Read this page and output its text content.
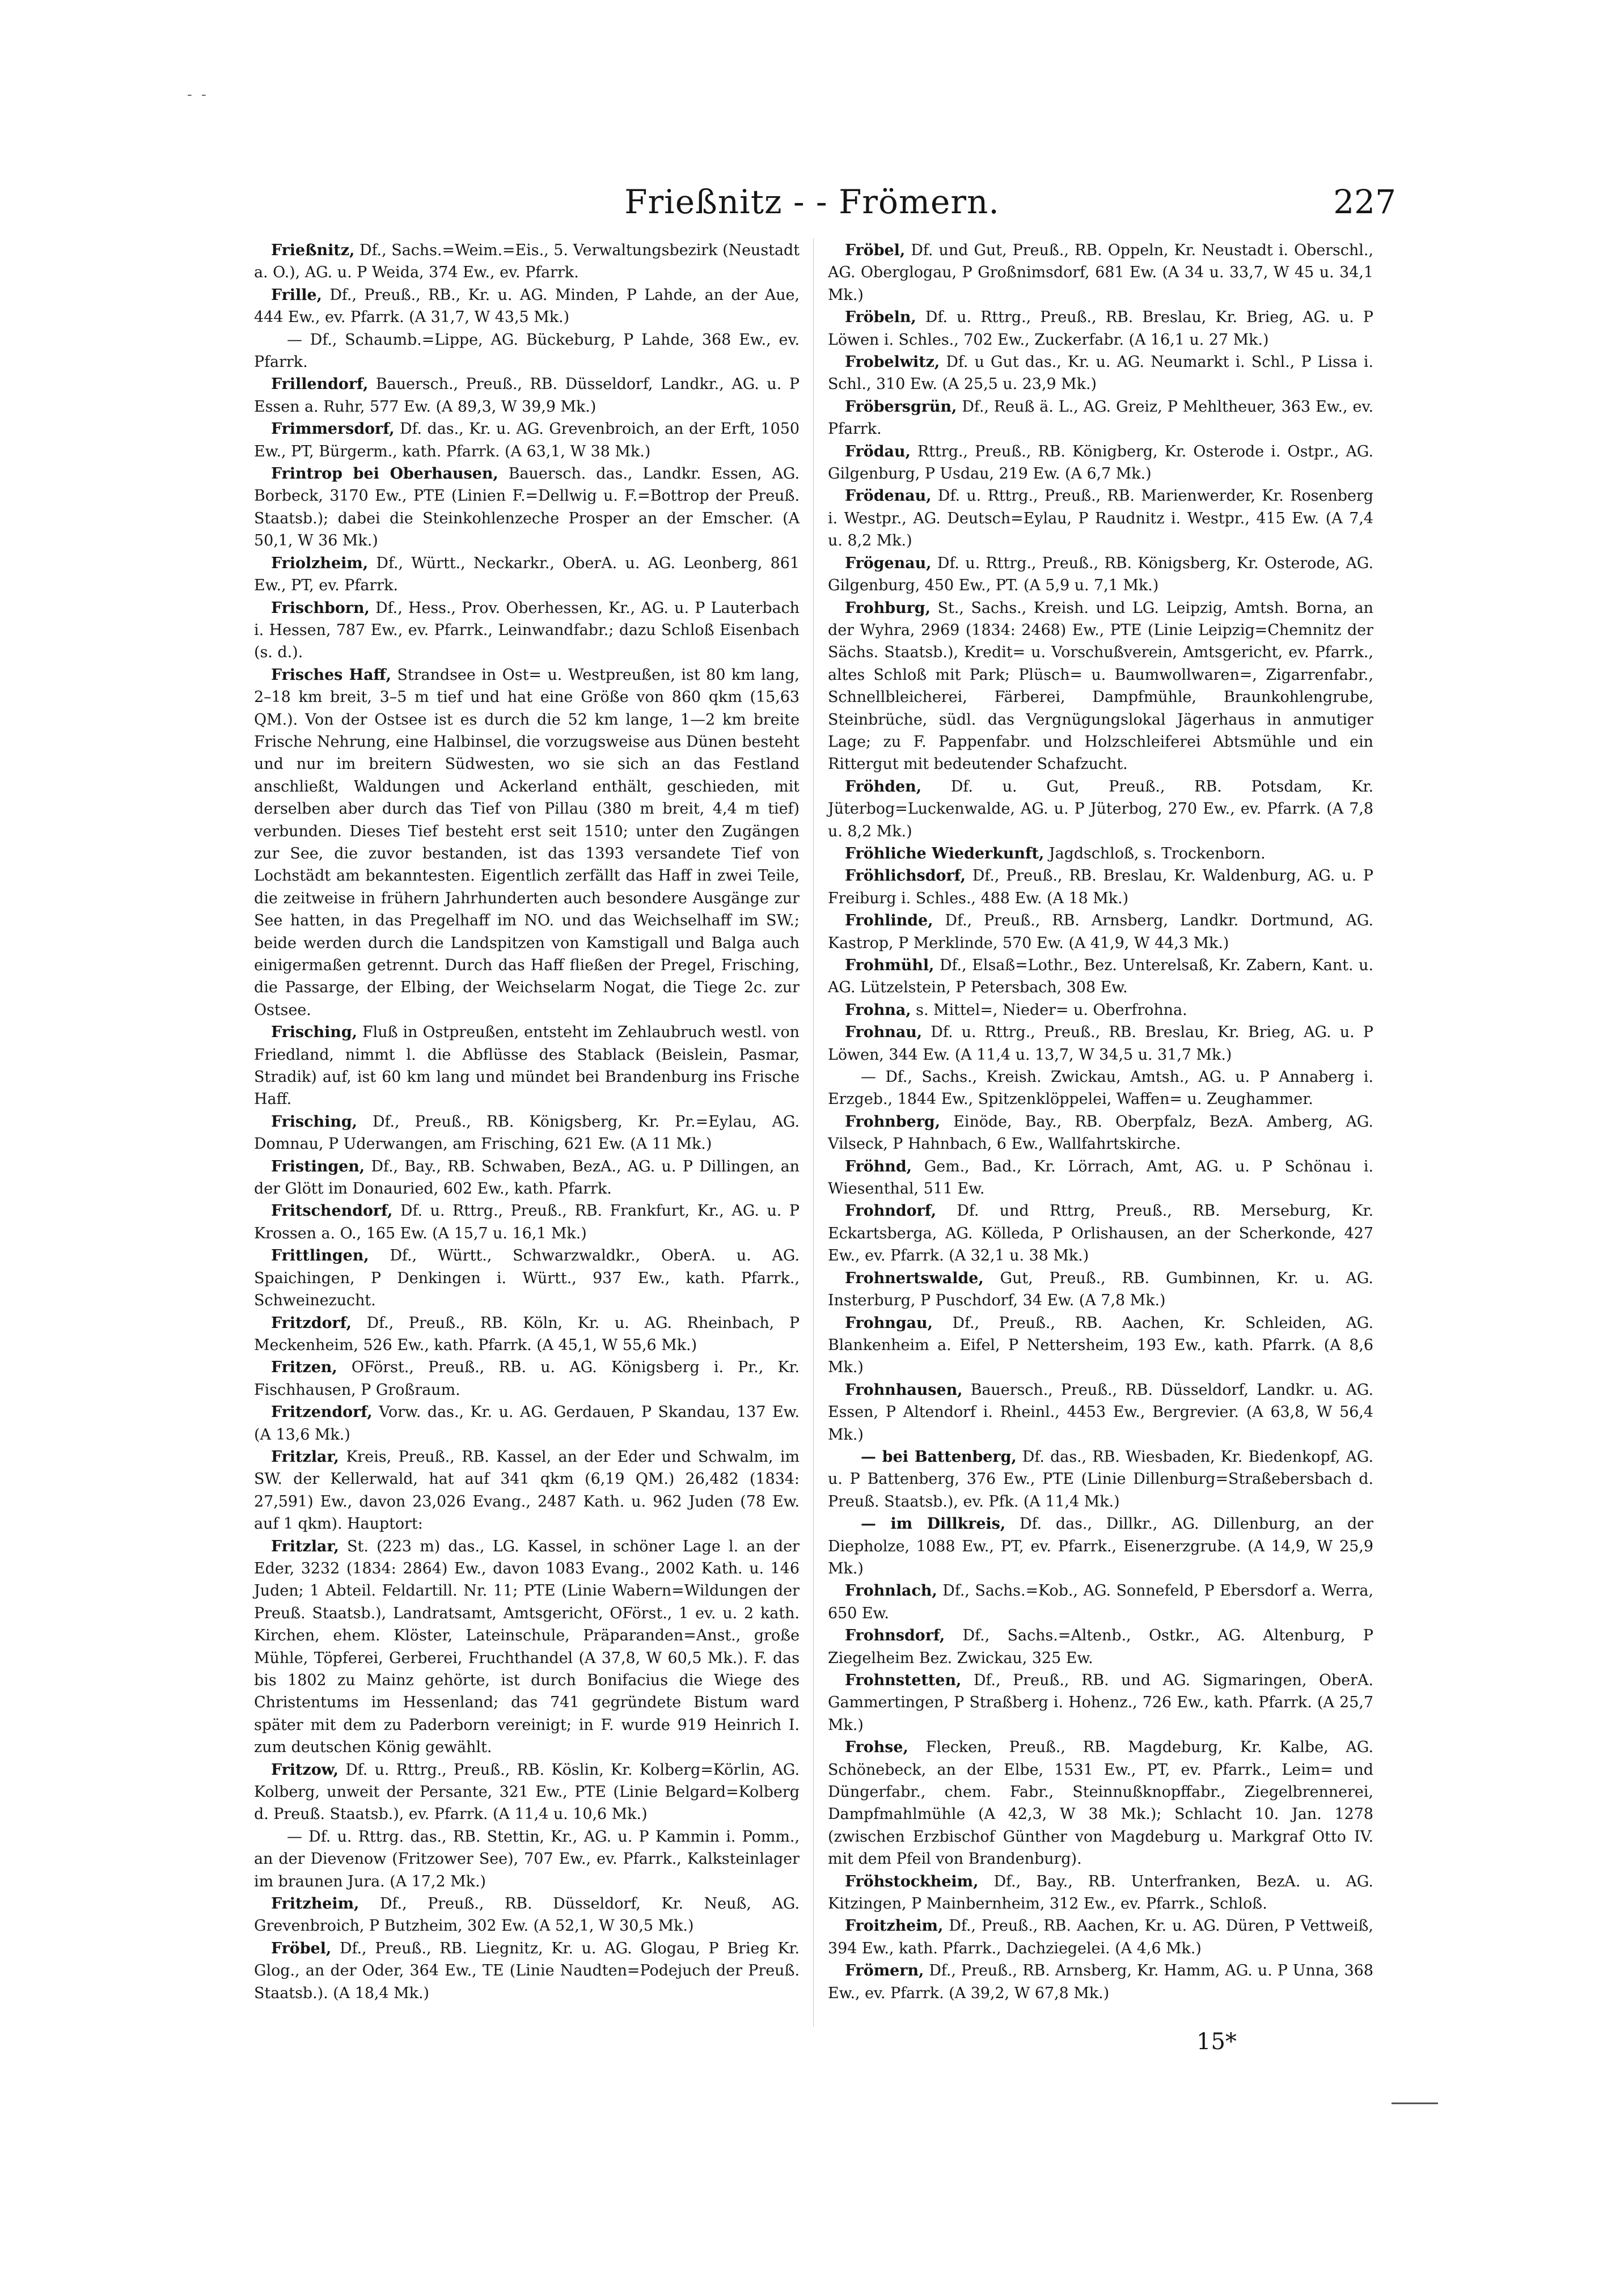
- -
Frießnitz - - Frömern.	227

Frießnitz, Df., Sachs.=Weim.=Eis., 5. Verwaltungsbezirk (Neustadt a. O.), AG. u. P Weida, 374 Ew., ev. Pfarrk.

Frille, Df., Preuß., RB., Kr. u. AG. Minden, P Lahde, an der Aue, 444 Ew., ev. Pfarrk. (A 31,7, W 43,5 Mk.)

— Df., Schaumb.=Lippe, AG. Bückeburg, P Lahde, 368 Ew., ev. Pfarrk.

Frillendorf, Bauersch., Preuß., RB. Düsseldorf, Landkr., AG. u. P Essen a. Ruhr, 577 Ew. (A 89,3, W 39,9 Mk.)

Frimmersdorf, Df. das., Kr. u. AG. Grevenbroich, an der Erft, 1050 Ew., PT, Bürgerm., kath. Pfarrk. (A 63,1, W 38 Mk.)

Frintrop bei Oberhausen, Bauersch. das., Landkr. Essen, AG. Borbeck, 3170 Ew., PTE (Linien F.=Dellwig u. F.=Bottrop der Preuß. Staatsb.); dabei die Steinkohlenzeche Prosper an der Emscher. (A 50,1, W 36 Mk.)

Friolzheim, Df., Württ., Neckarkr., OberA. u. AG. Leonberg, 861 Ew., PT, ev. Pfarrk.

Frischborn, Df., Hess., Prov. Oberhessen, Kr., AG. u. P Lauterbach i. Hessen, 787 Ew., ev. Pfarrk., Leinwandfabr.; dazu Schloß Eisenbach (s. d.).

Frisches Haff, Strandsee in Ost= u. Westpreußen, ist 80 km lang, 2–18 km breit, 3–5 m tief und hat eine Größe von 860 qkm (15,63 QM.). Von der Ostsee ist es durch die 52 km lange, 1—2 km breite Frische Nehrung, eine Halbinsel, die vorzugsweise aus Dünen besteht und nur im breitern Südwesten, wo sie sich an das Festland anschließt, Waldungen und Ackerland enthält, geschieden, mit derselben aber durch das Tief von Pillau (380 m breit, 4,4 m tief) verbunden. Dieses Tief besteht erst seit 1510; unter den Zugängen zur See, die zuvor bestanden, ist das 1393 versandete Tief von Lochstädt am bekanntesten. Eigentlich zerfällt das Haff in zwei Teile, die zeitweise in frühern Jahrhunderten auch besondere Ausgänge zur See hatten, in das Pregelhaff im NO. und das Weichselhaff im SW.; beide werden durch die Landspitzen von Kamstigall und Balga auch einigermaßen getrennt. Durch das Haff fließen der Pregel, Frisching, die Passarge, der Elbing, der Weichselarm Nogat, die Tiege 2c. zur Ostsee.

Frisching, Fluß in Ostpreußen, entsteht im Zehlaubruch westl. von Friedland, nimmt l. die Abflüsse des Stablack (Beislein, Pasmar, Stradik) auf, ist 60 km lang und mündet bei Brandenburg ins Frische Haff.

Frisching, Df., Preuß., RB. Königsberg, Kr. Pr.=Eylau, AG. Domnau, P Uderwangen, am Frisching, 621 Ew. (A 11 Mk.)

Fristingen, Df., Bay., RB. Schwaben, BezA., AG. u. P Dillingen, an der Glött im Donauried, 602 Ew., kath. Pfarrk.

Fritschendorf, Df. u. Rttrg., Preuß., RB. Frankfurt, Kr., AG. u. P Krossen a. O., 165 Ew. (A 15,7 u. 16,1 Mk.)

Frittlingen, Df., Württ., Schwarzwaldkr., OberA. u. AG. Spaichingen, P Denkingen i. Württ., 937 Ew., kath. Pfarrk., Schweinezucht.

Fritzdorf, Df., Preuß., RB. Köln, Kr. u. AG. Rheinbach, P Meckenheim, 526 Ew., kath. Pfarrk. (A 45,1, W 55,6 Mk.)

Fritzen, OFörst., Preuß., RB. u. AG. Königsberg i. Pr., Kr. Fischhausen, P Großraum.

Fritzendorf, Vorw. das., Kr. u. AG. Gerdauen, P Skandau, 137 Ew. (A 13,6 Mk.)

Fritzlar, Kreis, Preuß., RB. Kassel, an der Eder und Schwalm, im SW. der Kellerwald, hat auf 341 qkm (6,19 QM.) 26,482 (1834: 27,591) Ew., davon 23,026 Evang., 2487 Kath. u. 962 Juden (78 Ew. auf 1 qkm). Hauptort:

Fritzlar, St. (223 m) das., LG. Kassel, in schöner Lage l. an der Eder, 3232 (1834: 2864) Ew., davon 1083 Evang., 2002 Kath. u. 146 Juden; 1 Abteil. Feldartill. Nr. 11; PTE (Linie Wabern=Wildungen der Preuß. Staatsb.), Landratsamt, Amtsgericht, OFörst., 1 ev. u. 2 kath. Kirchen, ehem. Klöster, Lateinschule, Präparanden=Anst., große Mühle, Töpferei, Gerberei, Fruchthandel (A 37,8, W 60,5 Mk.). F. das bis 1802 zu Mainz gehörte, ist durch Bonifacius die Wiege des Christentums im Hessenland; das 741 gegründete Bistum ward später mit dem zu Paderborn vereinigt; in F. wurde 919 Heinrich I. zum deutschen König gewählt.

Fritzow, Df. u. Rttrg., Preuß., RB. Köslin, Kr. Kolberg=Körlin, AG. Kolberg, unweit der Persante, 321 Ew., PTE (Linie Belgard=Kolberg d. Preuß. Staatsb.), ev. Pfarrk. (A 11,4 u. 10,6 Mk.)

— Df. u. Rttrg. das., RB. Stettin, Kr., AG. u. P Kammin i. Pomm., an der Dievenow (Fritzower See), 707 Ew., ev. Pfarrk., Kalksteinlager im braunen Jura. (A 17,2 Mk.)

Fritzheim, Df., Preuß., RB. Düsseldorf, Kr. Neuß, AG. Grevenbroich, P Butzheim, 302 Ew. (A 52,1, W 30,5 Mk.)

Fröbel, Df., Preuß., RB. Liegnitz, Kr. u. AG. Glogau, P Brieg Kr. Glog., an der Oder, 364 Ew., TE (Linie Naudten=Podejuch der Preuß. Staatsb.). (A 18,4 Mk.)

Fröbel, Df. und Gut, Preuß., RB. Oppeln, Kr. Neustadt i. Oberschl., AG. Oberglogau, P Großnimsdorf, 681 Ew. (A 34 u. 33,7, W 45 u. 34,1 Mk.)

Fröbeln, Df. u. Rttrg., Preuß., RB. Breslau, Kr. Brieg, AG. u. P Löwen i. Schles., 702 Ew., Zuckerfabr. (A 16,1 u. 27 Mk.)

Frobelwitz, Df. u Gut das., Kr. u. AG. Neumarkt i. Schl., P Lissa i. Schl., 310 Ew. (A 25,5 u. 23,9 Mk.)

Fröbersgrün, Df., Reuß ä. L., AG. Greiz, P Mehltheuer, 363 Ew., ev. Pfarrk.

Frödau, Rttrg., Preuß., RB. Königberg, Kr. Osterode i. Ostpr., AG. Gilgenburg, P Usdau, 219 Ew. (A 6,7 Mk.)

Frödenau, Df. u. Rttrg., Preuß., RB. Marienwerder, Kr. Rosenberg i. Westpr., AG. Deutsch=Eylau, P Raudnitz i. Westpr., 415 Ew. (A 7,4 u. 8,2 Mk.)

Frögenau, Df. u. Rttrg., Preuß., RB. Königsberg, Kr. Osterode, AG. Gilgenburg, 450 Ew., PT. (A 5,9 u. 7,1 Mk.)

Frohburg, St., Sachs., Kreish. und LG. Leipzig, Amtsh. Borna, an der Wyhra, 2969 (1834: 2468) Ew., PTE (Linie Leipzig=Chemnitz der Sächs. Staatsb.), Kredit= u. Vorschußverein, Amtsgericht, ev. Pfarrk., altes Schloß mit Park; Plüsch= u. Baumwollwaren=, Zigarrenfabr., Schnellbleicherei, Färberei, Dampfmühle, Braunkohlengrube, Steinbrüche, südl. das Vergnügungslokal Jägerhaus in anmutiger Lage; zu F. Pappenfabr. und Holzschleiferei Abtsmühle und ein Rittergut mit bedeutender Schafzucht.

Fröhden, Df. u. Gut, Preuß., RB. Potsdam, Kr. Jüterbog=Luckenwalde, AG. u. P Jüterbog, 270 Ew., ev. Pfarrk. (A 7,8 u. 8,2 Mk.)

Fröhliche Wiederkunft, Jagdschloß, s. Trockenborn.

Fröhlichsdorf, Df., Preuß., RB. Breslau, Kr. Waldenburg, AG. u. P Freiburg i. Schles., 488 Ew. (A 18 Mk.)

Frohlinde, Df., Preuß., RB. Arnsberg, Landkr. Dortmund, AG. Kastrop, P Merklinde, 570 Ew. (A 41,9, W 44,3 Mk.)

Frohmühl, Df., Elsaß=Lothr., Bez. Unterelsaß, Kr. Zabern, Kant. u. AG. Lützelstein, P Petersbach, 308 Ew.

Frohna, s. Mittel=, Nieder= u. Oberfrohna.

Frohnau, Df. u. Rttrg., Preuß., RB. Breslau, Kr. Brieg, AG. u. P Löwen, 344 Ew. (A 11,4 u. 13,7, W 34,5 u. 31,7 Mk.)

— Df., Sachs., Kreish. Zwickau, Amtsh., AG. u. P Annaberg i. Erzgeb., 1844 Ew., Spitzenklöppelei, Waffen= u. Zeughammer.

Frohnberg, Einöde, Bay., RB. Oberpfalz, BezA. Amberg, AG. Vilseck, P Hahnbach, 6 Ew., Wallfahrtskirche.

Fröhnd, Gem., Bad., Kr. Lörrach, Amt, AG. u. P Schönau i. Wiesenthal, 511 Ew.

Frohndorf, Df. und Rttrg, Preuß., RB. Merseburg, Kr. Eckartsberga, AG. Kölleda, P Orlishausen, an der Scherkonde, 427 Ew., ev. Pfarrk. (A 32,1 u. 38 Mk.)

Frohnertswalde, Gut, Preuß., RB. Gumbinnen, Kr. u. AG. Insterburg, P Puschdorf, 34 Ew. (A 7,8 Mk.)

Frohngau, Df., Preuß., RB. Aachen, Kr. Schleiden, AG. Blankenheim a. Eifel, P Nettersheim, 193 Ew., kath. Pfarrk. (A 8,6 Mk.)

Frohnhausen, Bauersch., Preuß., RB. Düsseldorf, Landkr. u. AG. Essen, P Altendorf i. Rheinl., 4453 Ew., Bergrevier. (A 63,8, W 56,4 Mk.)

— bei Battenberg, Df. das., RB. Wiesbaden, Kr. Biedenkopf, AG. u. P Battenberg, 376 Ew., PTE (Linie Dillenburg=Straßebersbach d. Preuß. Staatsb.), ev. Pfk. (A 11,4 Mk.)

— im Dillkreis, Df. das., Dillkr., AG. Dillenburg, an der Diepholze, 1088 Ew., PT, ev. Pfarrk., Eisenerzgrube. (A 14,9, W 25,9 Mk.)

Frohnlach, Df., Sachs.=Kob., AG. Sonnefeld, P Ebersdorf a. Werra, 650 Ew.

Frohnsdorf, Df., Sachs.=Altenb., Ostkr., AG. Altenburg, P Ziegelheim Bez. Zwickau, 325 Ew.

Frohnstetten, Df., Preuß., RB. und AG. Sigmaringen, OberA. Gammertingen, P Straßberg i. Hohenz., 726 Ew., kath. Pfarrk. (A 25,7 Mk.)

Frohse, Flecken, Preuß., RB. Magdeburg, Kr. Kalbe, AG. Schönebeck, an der Elbe, 1531 Ew., PT, ev. Pfarrk., Leim= und Düngerfabr., chem. Fabr., Steinnußknopffabr., Ziegelbrennerei, Dampfmahlmühle (A 42,3, W 38 Mk.); Schlacht 10. Jan. 1278 (zwischen Erzbischof Günther von Magdeburg u. Markgraf Otto IV. mit dem Pfeil von Brandenburg).

Fröhstockheim, Df., Bay., RB. Unterfranken, BezA. u. AG. Kitzingen, P Mainbernheim, 312 Ew., ev. Pfarrk., Schloß.

Froitzheim, Df., Preuß., RB. Aachen, Kr. u. AG. Düren, P Vettweiß, 394 Ew., kath. Pfarrk., Dachziegelei. (A 4,6 Mk.)

Frömern, Df., Preuß., RB. Arnsberg, Kr. Hamm, AG. u. P Unna, 368 Ew., ev. Pfarrk. (A 39,2, W 67,8 Mk.)

15*
